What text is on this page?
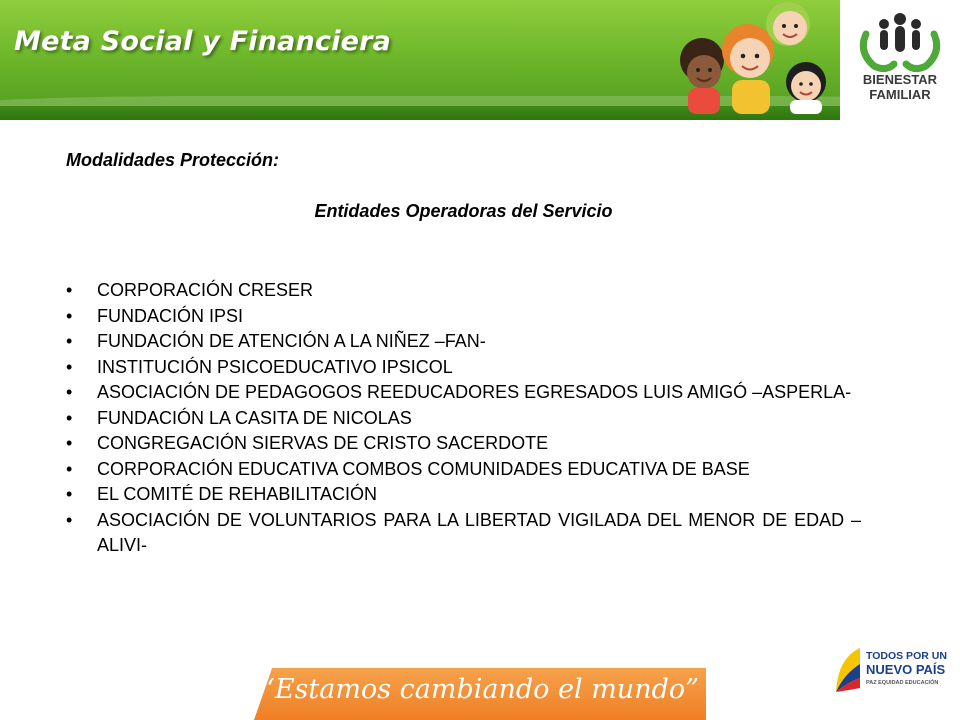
Meta Social y Financiera
BIENESTAR
FAMILIAR

Modalidades Protección:

Entidades Operadoras del Servicio

• CORPORACIÓN CRESER
• FUNDACIÓN IPSI
• FUNDACIÓN DE ATENCIÓN A LA NIÑEZ –FAN-
• INSTITUCIÓN PSICOEDUCATIVO IPSICOL
• ASOCIACIÓN DE PEDAGOGOS REEDUCADORES EGRESADOS LUIS AMIGÓ –ASPERLA-
• FUNDACIÓN LA CASITA DE NICOLAS
• CONGREGACIÓN SIERVAS DE CRISTO SACERDOTE
• CORPORACIÓN EDUCATIVA COMBOS COMUNIDADES EDUCATIVA DE BASE
• EL COMITÉ DE REHABILITACIÓN
• ASOCIACIÓN DE VOLUNTARIOS PARA LA LIBERTAD VIGILADA DEL MENOR DE EDAD –ALIVI-

“Estamos cambiando el mundo”

TODOS POR UN
NUEVO PAÍS
PAZ EQUIDAD EDUCACIÓN
